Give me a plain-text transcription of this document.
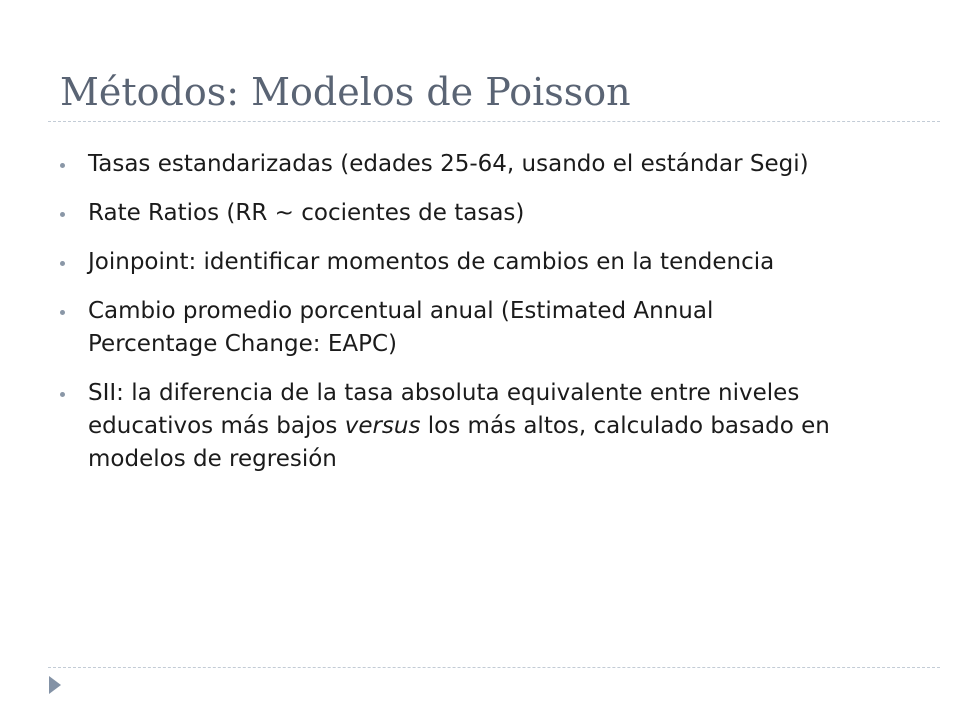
Métodos: Modelos de Poisson
Tasas estandarizadas (edades 25-64, usando el estándar Segi)
Rate Ratios (RR ~ cocientes de tasas)
Joinpoint: identificar momentos de cambios en la tendencia
Cambio promedio porcentual anual (Estimated Annual
Percentage Change: EAPC)
SII: la diferencia de la tasa absoluta equivalente entre niveles
educativos más bajos versus los más altos, calculado basado en
modelos de regresión
